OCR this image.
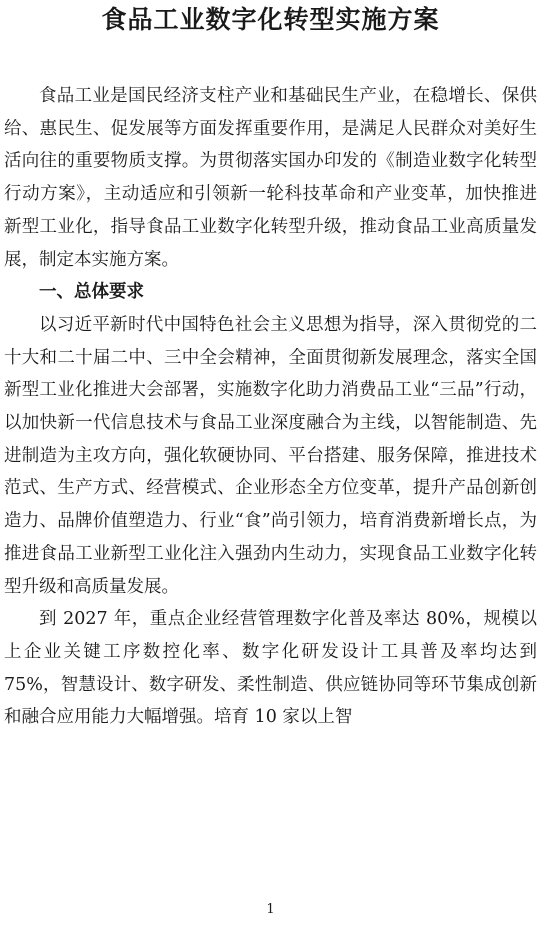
食品工业数字化转型实施方案

食品工业是国民经济支柱产业和基础民生产业，在稳增长、保供给、惠民生、促发展等方面发挥重要作用，是满足人民群众对美好生活向往的重要物质支撑。为贯彻落实国办印发的《制造业数字化转型行动方案》，主动适应和引领新一轮科技革命和产业变革，加快推进新型工业化，指导食品工业数字化转型升级，推动食品工业高质量发展，制定本实施方案。

一、总体要求

以习近平新时代中国特色社会主义思想为指导，深入贯彻党的二十大和二十届二中、三中全会精神，全面贯彻新发展理念，落实全国新型工业化推进大会部署，实施数字化助力消费品工业“三品”行动，以加快新一代信息技术与食品工业深度融合为主线，以智能制造、先进制造为主攻方向，强化软硬协同、平台搭建、服务保障，推进技术范式、生产方式、经营模式、企业形态全方位变革，提升产品创新创造力、品牌价值塑造力、行业“食”尚引领力，培育消费新增长点，为推进食品工业新型工业化注入强劲内生动力，实现食品工业数字化转型升级和高质量发展。

到 2027 年，重点企业经营管理数字化普及率达 80%，规模以上企业关键工序数控化率、数字化研发设计工具普及率均达到 75%，智慧设计、数字研发、柔性制造、供应链协同等环节集成创新和融合应用能力大幅增强。培育 10 家以上智

1
